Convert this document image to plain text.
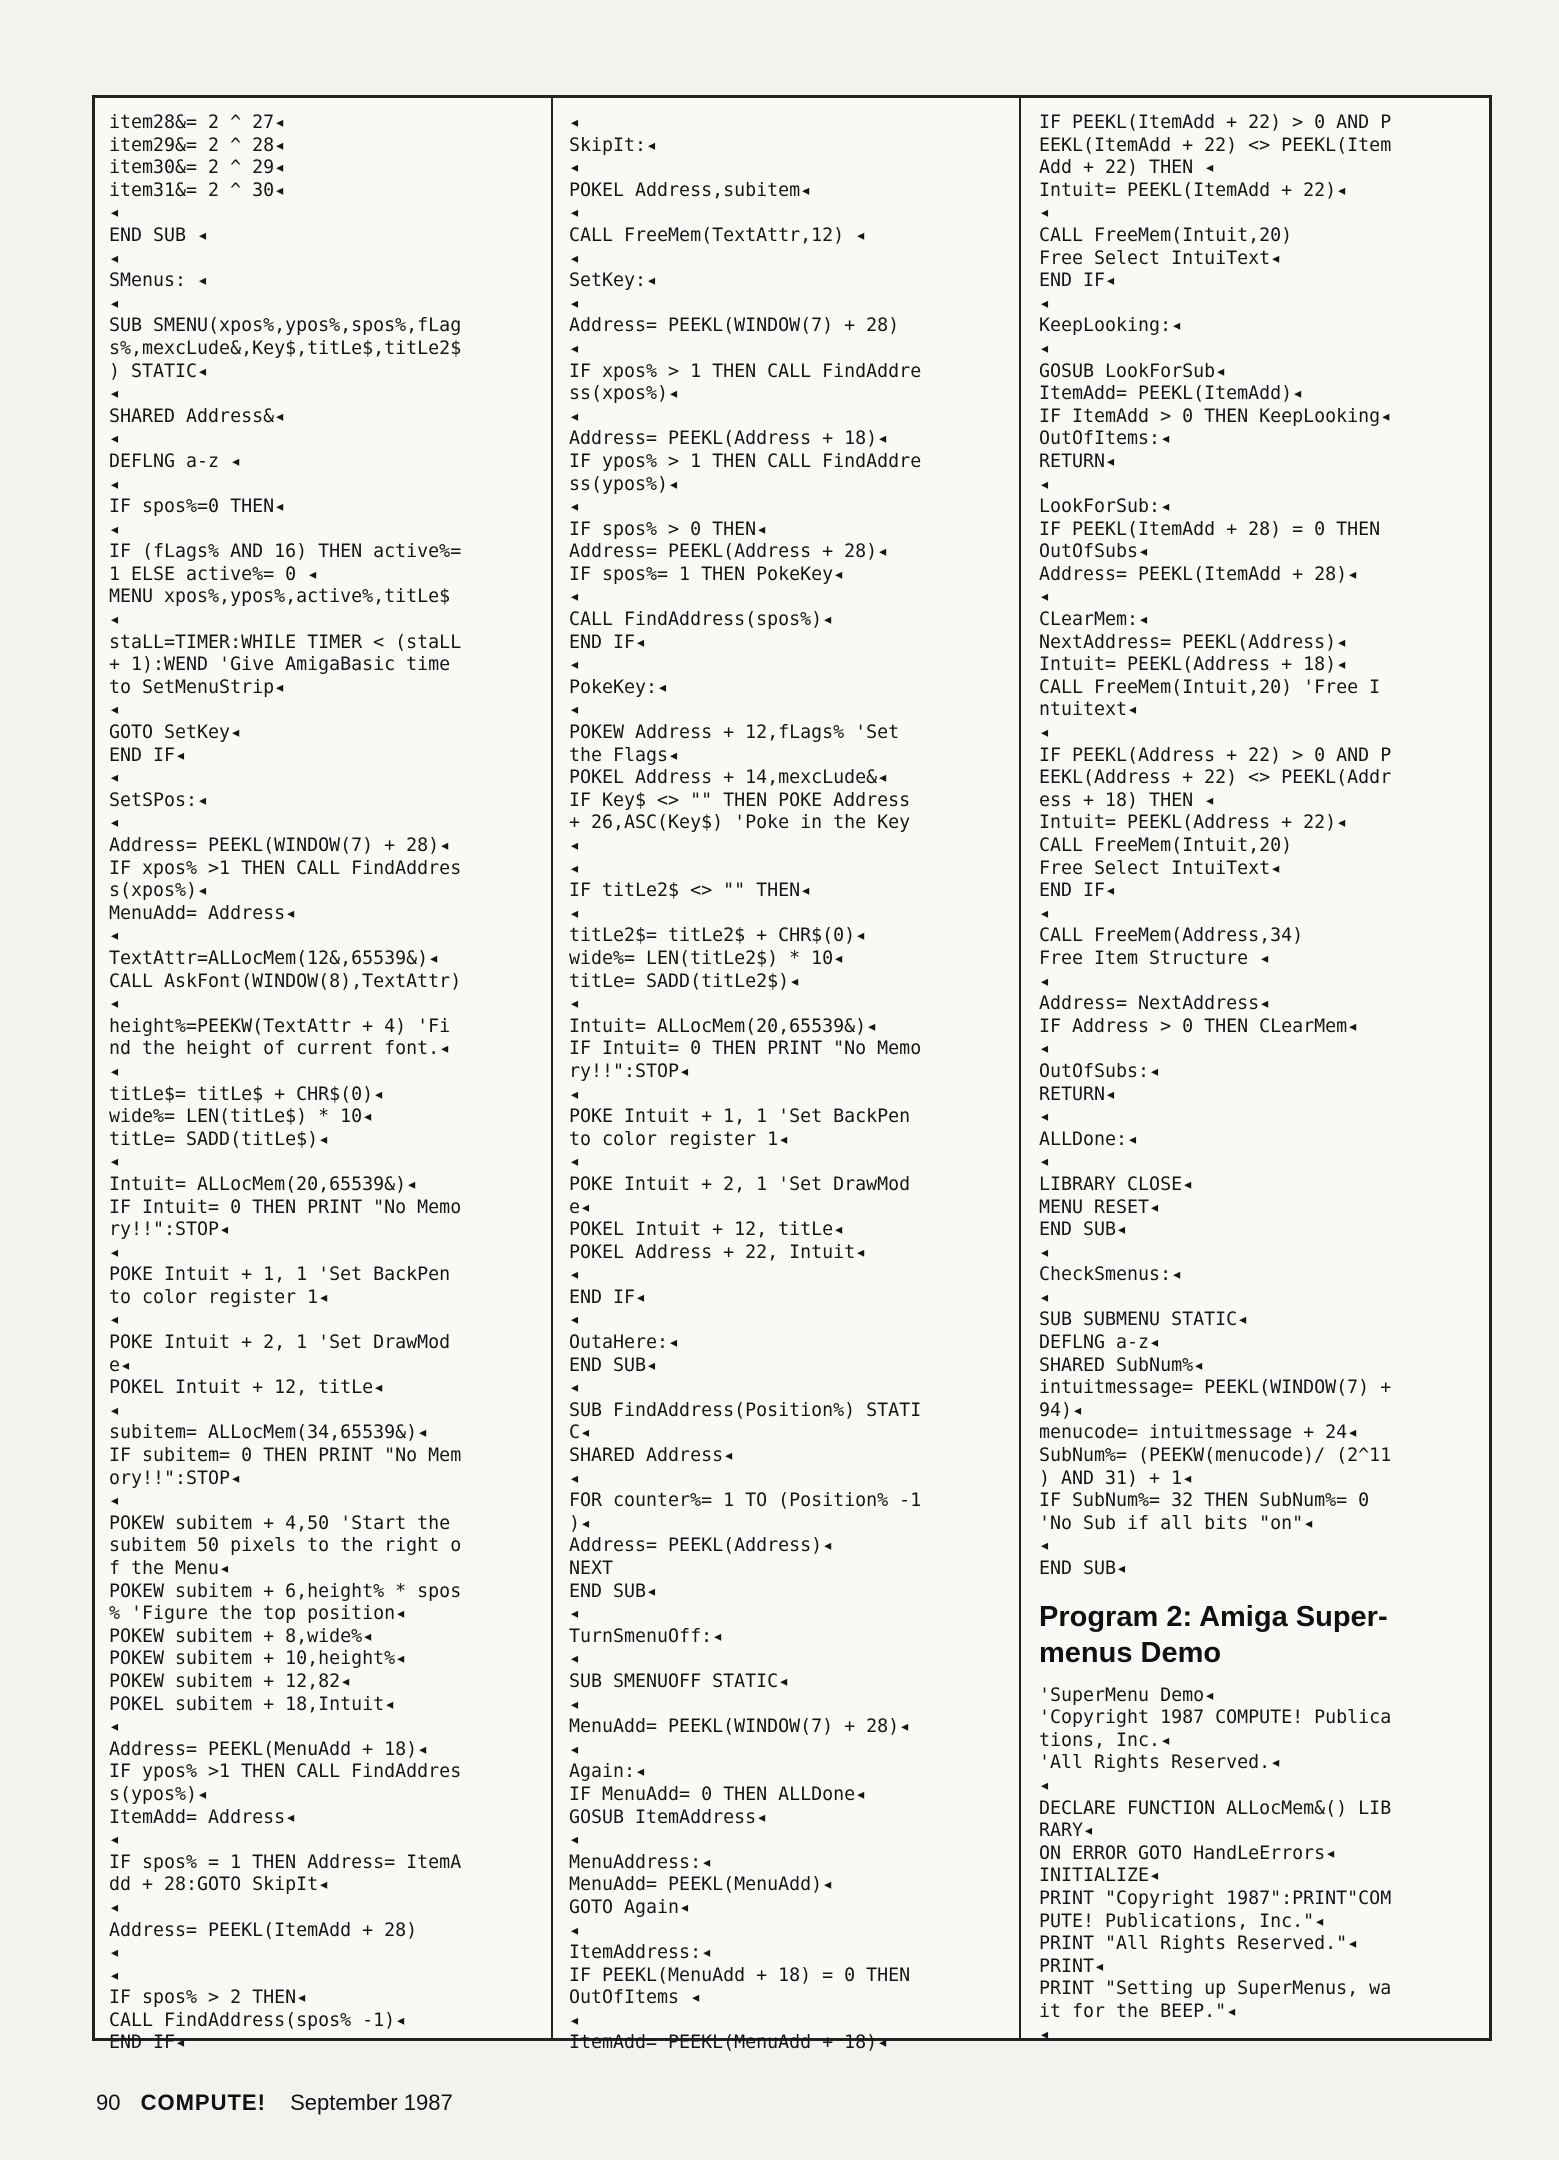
item28&= 2 ^ 27◂
item29&= 2 ^ 28◂
item30&= 2 ^ 29◂
item31&= 2 ^ 30◂
◂
END SUB ◂
◂
SMenus: ◂
◂
SUB SMENU(xpos%,ypos%,spos%,fLag
s%,mexcLude&,Key$,titLe$,titLe2$
) STATIC◂
◂
SHARED Address&◂
◂
DEFLNG a-z ◂
◂
IF spos%=0 THEN◂
◂
IF (fLags% AND 16) THEN active%=
1 ELSE active%= 0 ◂
MENU xpos%,ypos%,active%,titLe$
◂
staLL=TIMER:WHILE TIMER < (staLL
+ 1):WEND 'Give AmigaBasic time
to SetMenuStrip◂
◂
GOTO SetKey◂
END IF◂
◂
SetSPos:◂
◂
Address= PEEKL(WINDOW(7) + 28)◂
IF xpos% >1 THEN CALL FindAddres
s(xpos%)◂
MenuAdd= Address◂
◂
TextAttr=ALLocMem(12&,65539&)◂
CALL AskFont(WINDOW(8),TextAttr)
◂
height%=PEEKW(TextAttr + 4) 'Fi
nd the height of current font.◂
◂
titLe$= titLe$ + CHR$(0)◂
wide%= LEN(titLe$) * 10◂
titLe= SADD(titLe$)◂
◂
Intuit= ALLocMem(20,65539&)◂
IF Intuit= 0 THEN PRINT "No Memo
ry!!":STOP◂
◂
POKE Intuit + 1, 1 'Set BackPen
to color register 1◂
◂
POKE Intuit + 2, 1 'Set DrawMod
e◂
POKEL Intuit + 12, titLe◂
◂
subitem= ALLocMem(34,65539&)◂
IF subitem= 0 THEN PRINT "No Mem
ory!!":STOP◂
◂
POKEW subitem + 4,50 'Start the
subitem 50 pixels to the right o
f the Menu◂
POKEW subitem + 6,height% * spos
% 'Figure the top position◂
POKEW subitem + 8,wide%◂
POKEW subitem + 10,height%◂
POKEW subitem + 12,82◂
POKEL subitem + 18,Intuit◂
◂
Address= PEEKL(MenuAdd + 18)◂
IF ypos% >1 THEN CALL FindAddres
s(ypos%)◂
ItemAdd= Address◂
◂
IF spos% = 1 THEN Address= ItemA
dd + 28:GOTO SkipIt◂
◂
Address= PEEKL(ItemAdd + 28)
◂
◂
IF spos% > 2 THEN◂
CALL FindAddress(spos% -1)◂
END IF◂
◂
SkipIt:◂
◂
POKEL Address,subitem◂
◂
CALL FreeMem(TextAttr,12) ◂
◂
SetKey:◂
◂
Address= PEEKL(WINDOW(7) + 28)
◂
IF xpos% > 1 THEN CALL FindAddre
ss(xpos%)◂
◂
Address= PEEKL(Address + 18)◂
IF ypos% > 1 THEN CALL FindAddre
ss(ypos%)◂
◂
IF spos% > 0 THEN◂
Address= PEEKL(Address + 28)◂
IF spos%= 1 THEN PokeKey◂
◂
CALL FindAddress(spos%)◂
END IF◂
◂
PokeKey:◂
◂
POKEW Address + 12,fLags% 'Set
the Flags◂
POKEL Address + 14,mexcLude&◂
IF Key$ <> "" THEN POKE Address
+ 26,ASC(Key$) 'Poke in the Key
◂
◂
IF titLe2$ <> "" THEN◂
◂
titLe2$= titLe2$ + CHR$(0)◂
wide%= LEN(titLe2$) * 10◂
titLe= SADD(titLe2$)◂
◂
Intuit= ALLocMem(20,65539&)◂
IF Intuit= 0 THEN PRINT "No Memo
ry!!":STOP◂
◂
POKE Intuit + 1, 1 'Set BackPen
to color register 1◂
◂
POKE Intuit + 2, 1 'Set DrawMod
e◂
POKEL Intuit + 12, titLe◂
POKEL Address + 22, Intuit◂
◂
END IF◂
◂
OutaHere:◂
END SUB◂
◂
SUB FindAddress(Position%) STATI
C◂
SHARED Address◂
◂
FOR counter%= 1 TO (Position% -1
)◂
Address= PEEKL(Address)◂
NEXT
END SUB◂
◂
TurnSmenuOff:◂
◂
SUB SMENUOFF STATIC◂
◂
MenuAdd= PEEKL(WINDOW(7) + 28)◂
◂
Again:◂
IF MenuAdd= 0 THEN ALLDone◂
GOSUB ItemAddress◂
◂
MenuAddress:◂
MenuAdd= PEEKL(MenuAdd)◂
GOTO Again◂
◂
ItemAddress:◂
IF PEEKL(MenuAdd + 18) = 0 THEN
OutOfItems ◂
◂
ItemAdd= PEEKL(MenuAdd + 18)◂
IF PEEKL(ItemAdd + 22) > 0 AND P
EEKL(ItemAdd + 22) <> PEEKL(Item
Add + 22) THEN ◂
Intuit= PEEKL(ItemAdd + 22)◂
◂
CALL FreeMem(Intuit,20)
Free Select IntuiText◂
END IF◂
◂
KeepLooking:◂
◂
GOSUB LookForSub◂
ItemAdd= PEEKL(ItemAdd)◂
IF ItemAdd > 0 THEN KeepLooking◂
OutOfItems:◂
RETURN◂
◂
LookForSub:◂
IF PEEKL(ItemAdd + 28) = 0 THEN
OutOfSubs◂
Address= PEEKL(ItemAdd + 28)◂
◂
CLearMem:◂
NextAddress= PEEKL(Address)◂
Intuit= PEEKL(Address + 18)◂
CALL FreeMem(Intuit,20) 'Free I
ntuitext◂
◂
IF PEEKL(Address + 22) > 0 AND P
EEKL(Address + 22) <> PEEKL(Addr
ess + 18) THEN ◂
Intuit= PEEKL(Address + 22)◂
CALL FreeMem(Intuit,20)
Free Select IntuiText◂
END IF◂
◂
CALL FreeMem(Address,34)
Free Item Structure ◂
◂
Address= NextAddress◂
IF Address > 0 THEN CLearMem◂
◂
OutOfSubs:◂
RETURN◂
◂
ALLDone:◂
◂
LIBRARY CLOSE◂
MENU RESET◂
END SUB◂
◂
CheckSmenus:◂
◂
SUB SUBMENU STATIC◂
DEFLNG a-z◂
SHARED SubNum%◂
intuitmessage= PEEKL(WINDOW(7) +
94)◂
menucode= intuitmessage + 24◂
SubNum%= (PEEKW(menucode)/ (2^11
) AND 31) + 1◂
IF SubNum%= 32 THEN SubNum%= 0
'No Sub if all bits "on"◂
◂
END SUB◂
Program 2: Amiga Super-
menus Demo
'SuperMenu Demo◂
'Copyright 1987 COMPUTE! Publica
tions, Inc.◂
'All Rights Reserved.◂
◂
DECLARE FUNCTION ALLocMem&() LIB
RARY◂
ON ERROR GOTO HandLeErrors◂
INITIALIZE◂
PRINT "Copyright 1987":PRINT"COM
PUTE! Publications, Inc."◂
PRINT "All Rights Reserved."◂
PRINT◂
PRINT "Setting up SuperMenus, wa
it for the BEEP."◂
◂
90 COMPUTE! September 1987
